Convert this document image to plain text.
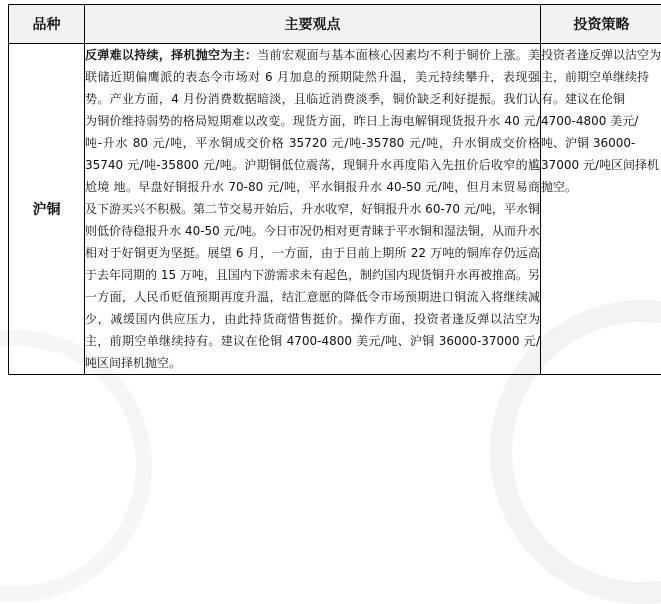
品种	主要观点	投资策略
沪铜	反弹难以持续，择机抛空为主：当前宏观面与基本面核心因素均不利于铜价上涨。美联储近期偏鹰派的表态令市场对 6 月加息的预期陡然升温，美元持续攀升，表现强势。产业方面，4 月份消费数据暗淡，且临近消费淡季，铜价缺乏利好提振。我们认为铜价维持弱势的格局短期难以改变。现货方面，昨日上海电解铜现货报升水 40 元/吨-升水 80 元/吨，平水铜成交价格 35720 元/吨-35780 元/吨，升水铜成交价格 35740 元/吨-35800 元/吨。沪期铜低位震荡，现铜升水再度陷入先扭价后收窄的尴尬境 地。早盘好铜报升水 70-80 元/吨，平水铜报升水 40-50 元/吨，但月末贸易商及下游买兴不积极。第二节交易开始后，升水收窄，好铜报升水 60-70 元/吨，平水铜则低价待稳报升水 40-50 元/吨。今日市况仍相对更青睐于平水铜和湿法铜，从而升水相对于好铜更为坚挺。展望 6 月，一方面，由于目前上期所 22 万吨的铜库存仍远高于去年同期的 15 万吨，且国内下游需求未有起色，制约国内现货铜升水再被推高。另一方面，人民币贬值预期再度升温，结汇意愿的降低令市场预期进口铜流入将继续减少，减缓国内供应压力，由此持货商惜售挺价。操作方面，投资者逢反弹以沽空为主，前期空单继续持有。建议在伦铜 4700-4800 美元/吨、沪铜 36000-37000 元/吨区间择机抛空。	投资者逢反弹以沽空为主，前期空单继续持有。建议在伦铜 4700-4800 美元/吨、沪铜 36000-37000 元/吨区间择机抛空。
